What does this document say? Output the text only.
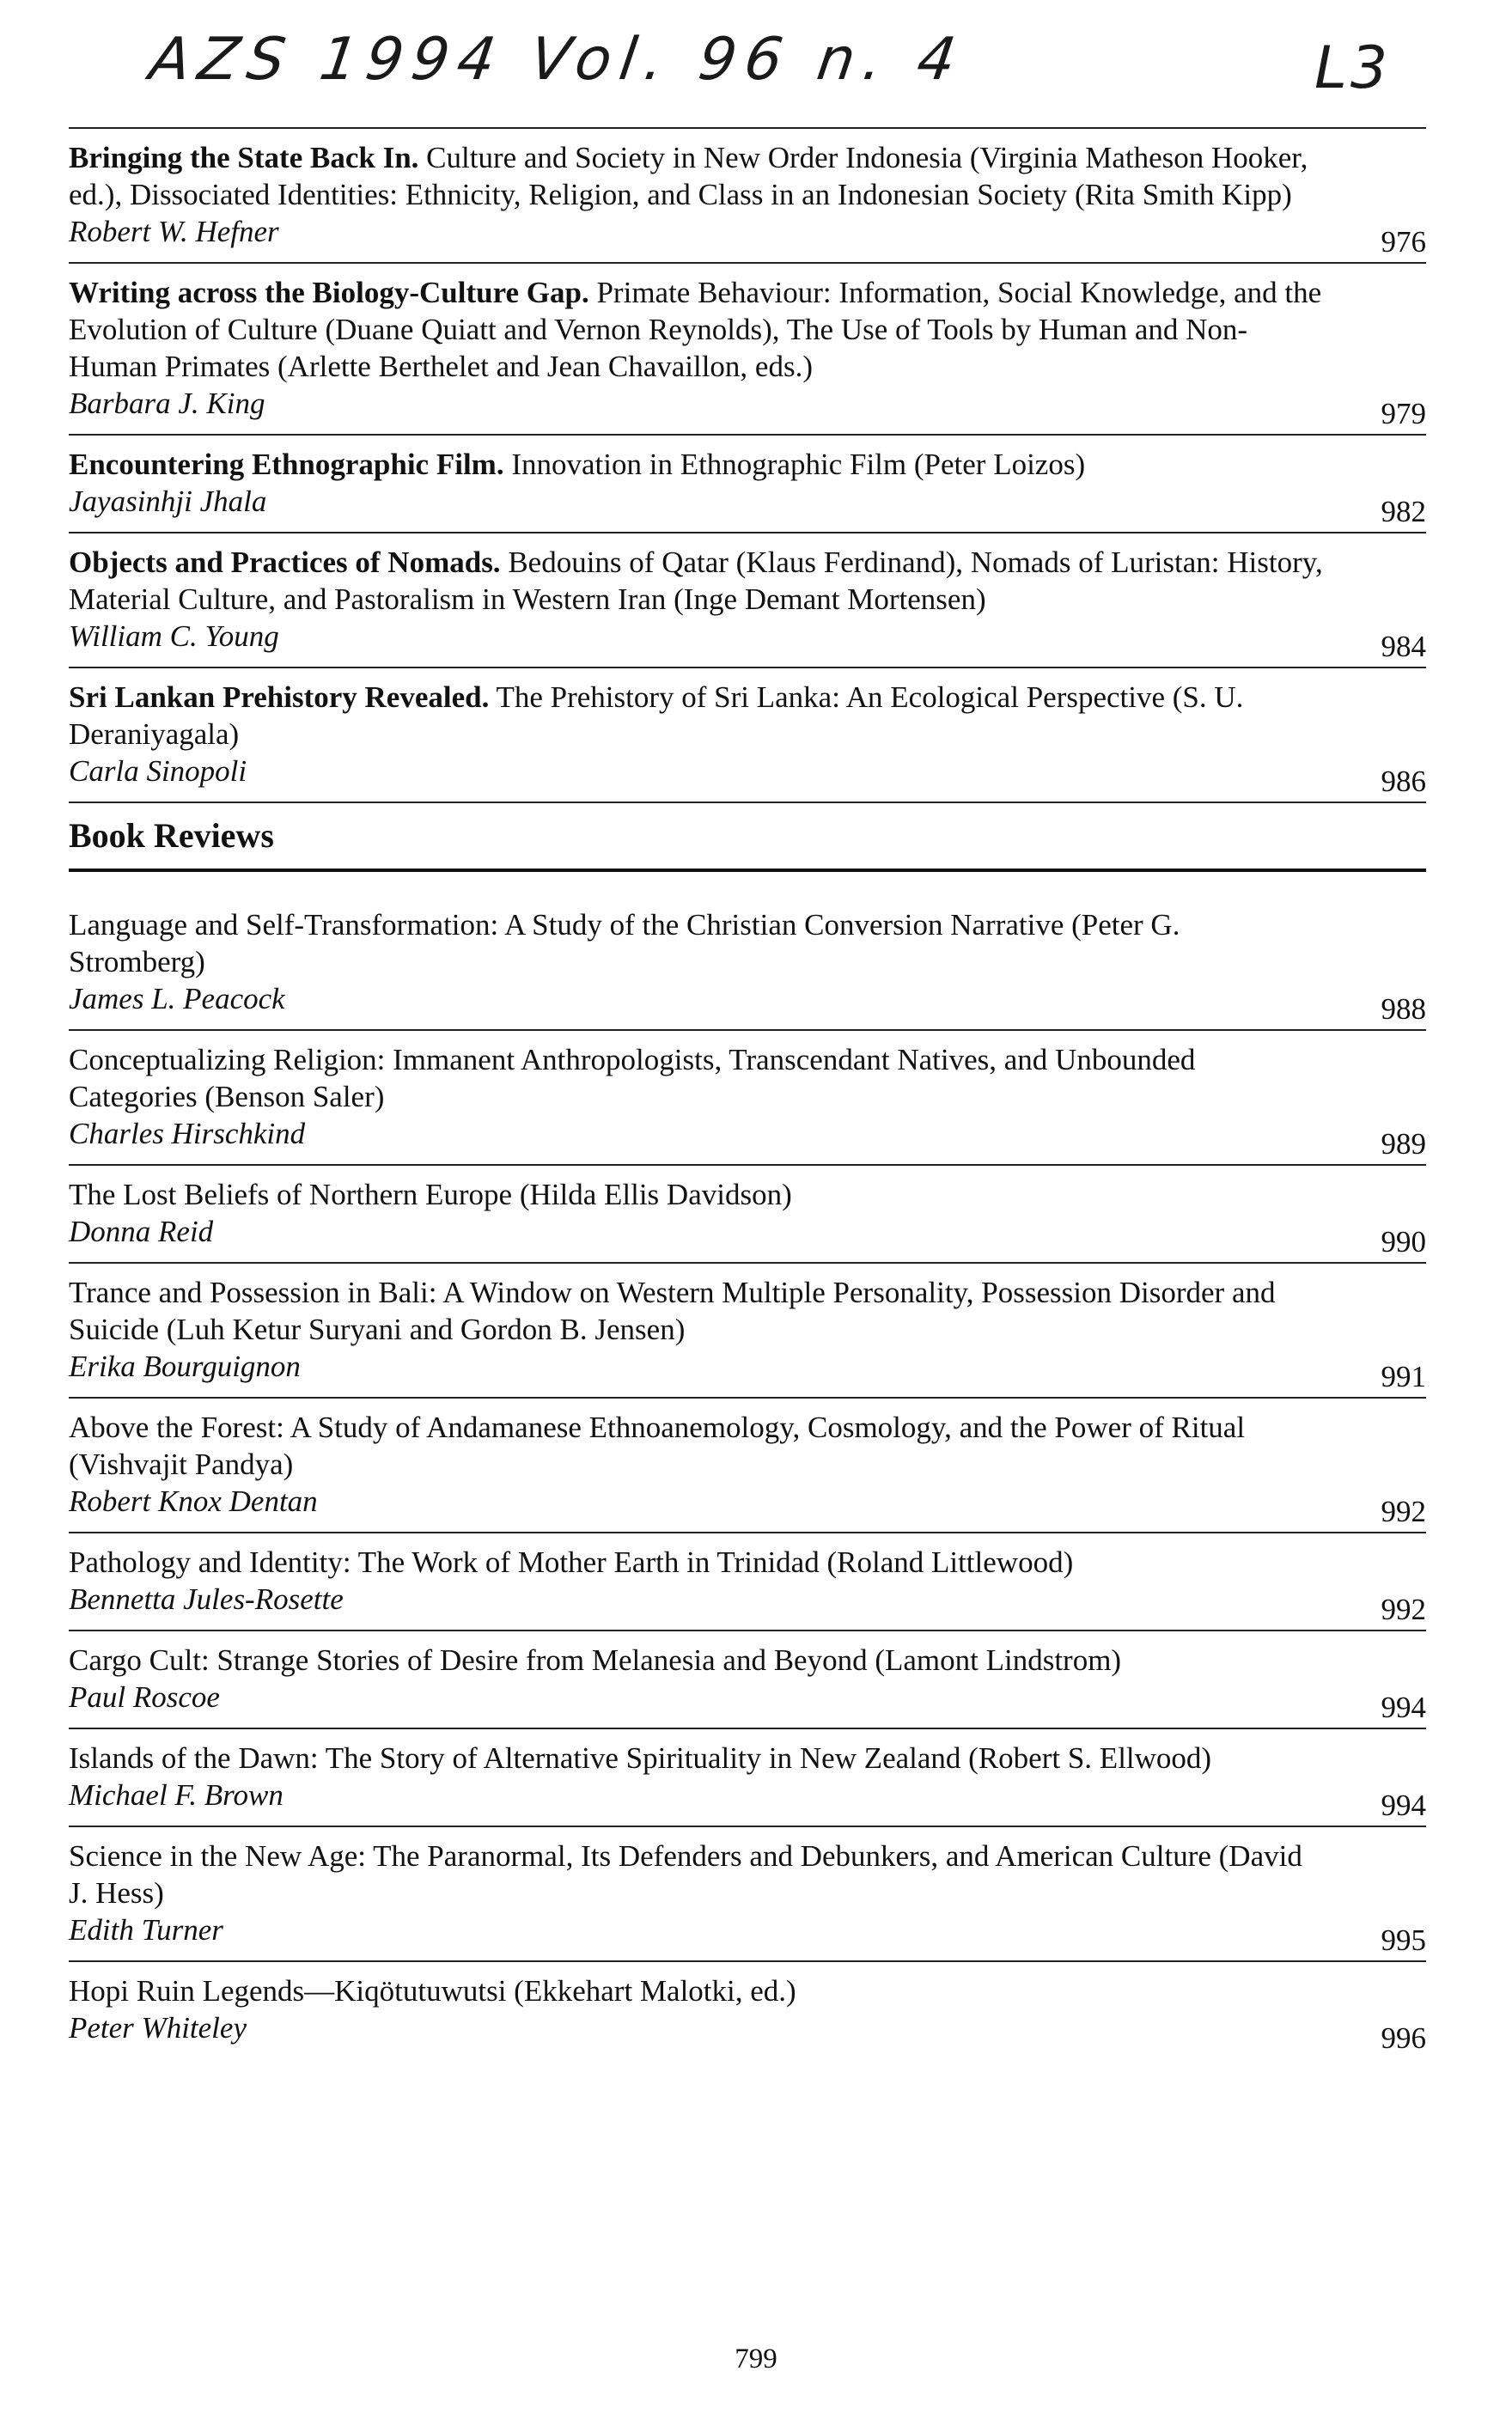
AZS 1994 Vol. 96 n. 4	L3
Bringing the State Back In. Culture and Society in New Order Indonesia (Virginia Matheson Hooker, ed.), Dissociated Identities: Ethnicity, Religion, and Class in an Indonesian Society (Rita Smith Kipp)
Robert W. Hefner	976
Writing across the Biology-Culture Gap. Primate Behaviour: Information, Social Knowledge, and the Evolution of Culture (Duane Quiatt and Vernon Reynolds), The Use of Tools by Human and Non-Human Primates (Arlette Berthelet and Jean Chavaillon, eds.)
Barbara J. King	979
Encountering Ethnographic Film. Innovation in Ethnographic Film (Peter Loizos)
Jayasinhji Jhala	982
Objects and Practices of Nomads. Bedouins of Qatar (Klaus Ferdinand), Nomads of Luristan: History, Material Culture, and Pastoralism in Western Iran (Inge Demant Mortensen)
William C. Young	984
Sri Lankan Prehistory Revealed. The Prehistory of Sri Lanka: An Ecological Perspective (S. U. Deraniyagala)
Carla Sinopoli	986
Book Reviews
Language and Self-Transformation: A Study of the Christian Conversion Narrative (Peter G. Stromberg)
James L. Peacock	988
Conceptualizing Religion: Immanent Anthropologists, Transcendant Natives, and Unbounded Categories (Benson Saler)
Charles Hirschkind	989
The Lost Beliefs of Northern Europe (Hilda Ellis Davidson)
Donna Reid	990
Trance and Possession in Bali: A Window on Western Multiple Personality, Possession Disorder and Suicide (Luh Ketur Suryani and Gordon B. Jensen)
Erika Bourguignon	991
Above the Forest: A Study of Andamanese Ethnoanemology, Cosmology, and the Power of Ritual (Vishvajit Pandya)
Robert Knox Dentan	992
Pathology and Identity: The Work of Mother Earth in Trinidad (Roland Littlewood)
Bennetta Jules-Rosette	992
Cargo Cult: Strange Stories of Desire from Melanesia and Beyond (Lamont Lindstrom)
Paul Roscoe	994
Islands of the Dawn: The Story of Alternative Spirituality in New Zealand (Robert S. Ellwood)
Michael F. Brown	994
Science in the New Age: The Paranormal, Its Defenders and Debunkers, and American Culture (David J. Hess)
Edith Turner	995
Hopi Ruin Legends—Kiqötutuwutsi (Ekkehart Malotki, ed.)
Peter Whiteley	996
799
